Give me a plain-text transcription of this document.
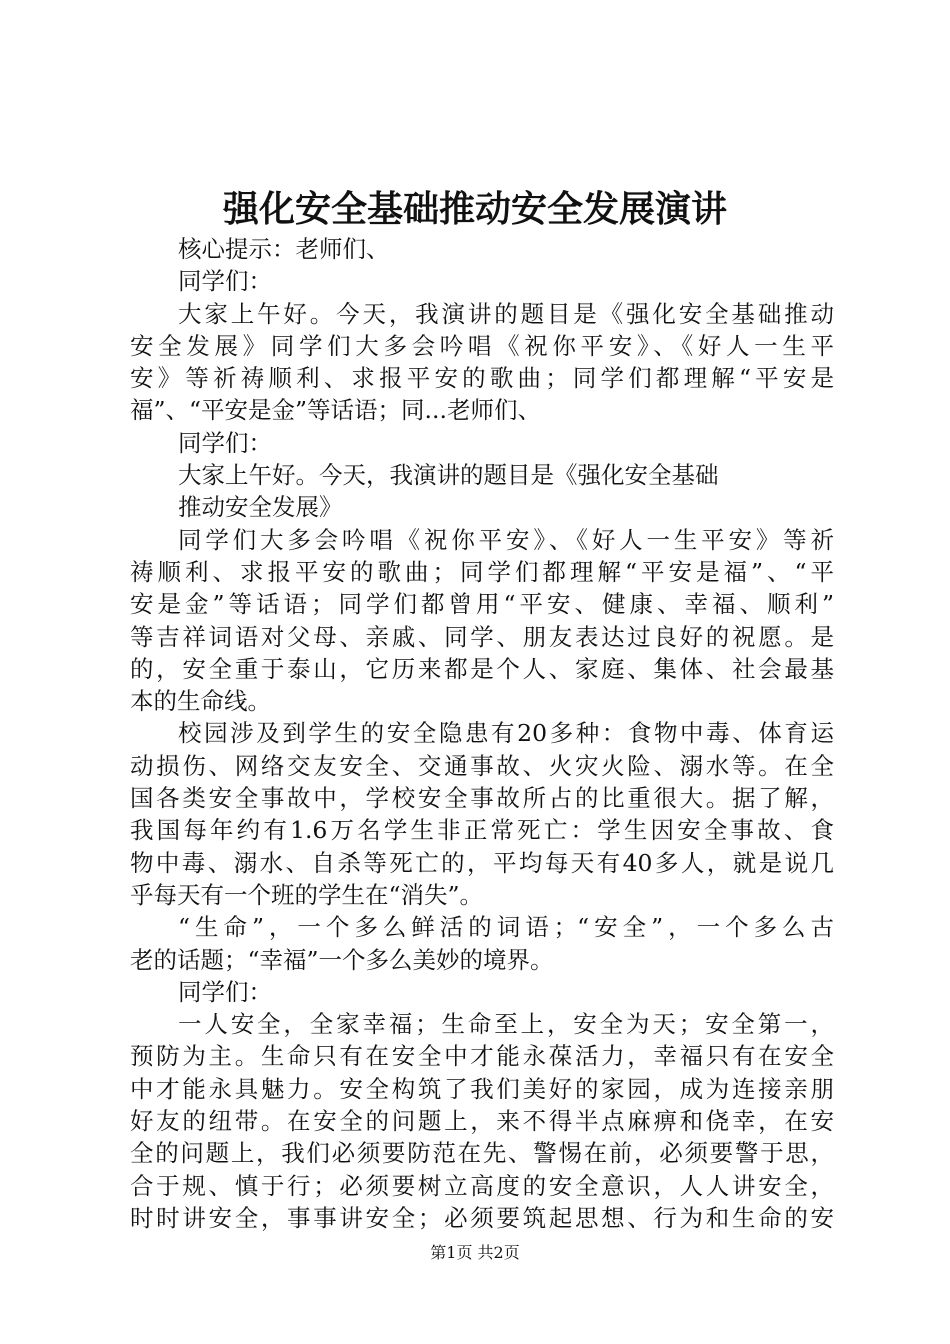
强化安全基础推动安全发展演讲
核心提示：老师们、
同学们：
大家上午好。今天，我演讲的题目是《强化安全基础推动
安全发展》同学们大多会吟唱《祝你平安》、《好人一生平
安》等祈祷顺利、求报平安的歌曲；同学们都理解“平安是
福”、“平安是金”等话语；同...老师们、
同学们：
大家上午好。今天，我演讲的题目是《强化安全基础
推动安全发展》
同学们大多会吟唱《祝你平安》、《好人一生平安》等祈
祷顺利、求报平安的歌曲；同学们都理解“平安是福”、“平
安是金”等话语；同学们都曾用“平安、健康、幸福、顺利”
等吉祥词语对父母、亲戚、同学、朋友表达过良好的祝愿。是
的，安全重于泰山，它历来都是个人、家庭、集体、社会最基
本的生命线。
校园涉及到学生的安全隐患有20多种：食物中毒、体育运
动损伤、网络交友安全、交通事故、火灾火险、溺水等。在全
国各类安全事故中，学校安全事故所占的比重很大。据了解，
我国每年约有1.6万名学生非正常死亡：学生因安全事故、食
物中毒、溺水、自杀等死亡的，平均每天有40多人，就是说几
乎每天有一个班的学生在“消失”。
“生命”，一个多么鲜活的词语；“安全”，一个多么古
老的话题；“幸福”一个多么美妙的境界。
同学们：
一人安全，全家幸福；生命至上，安全为天；安全第一，
预防为主。生命只有在安全中才能永葆活力，幸福只有在安全
中才能永具魅力。安全构筑了我们美好的家园，成为连接亲朋
好友的纽带。在安全的问题上，来不得半点麻痹和侥幸，在安
全的问题上，我们必须要防范在先、警惕在前，必须要警于思，
合于规、慎于行；必须要树立高度的安全意识，人人讲安全，
时时讲安全，事事讲安全；必须要筑起思想、行为和生命的安
第1页 共2页
